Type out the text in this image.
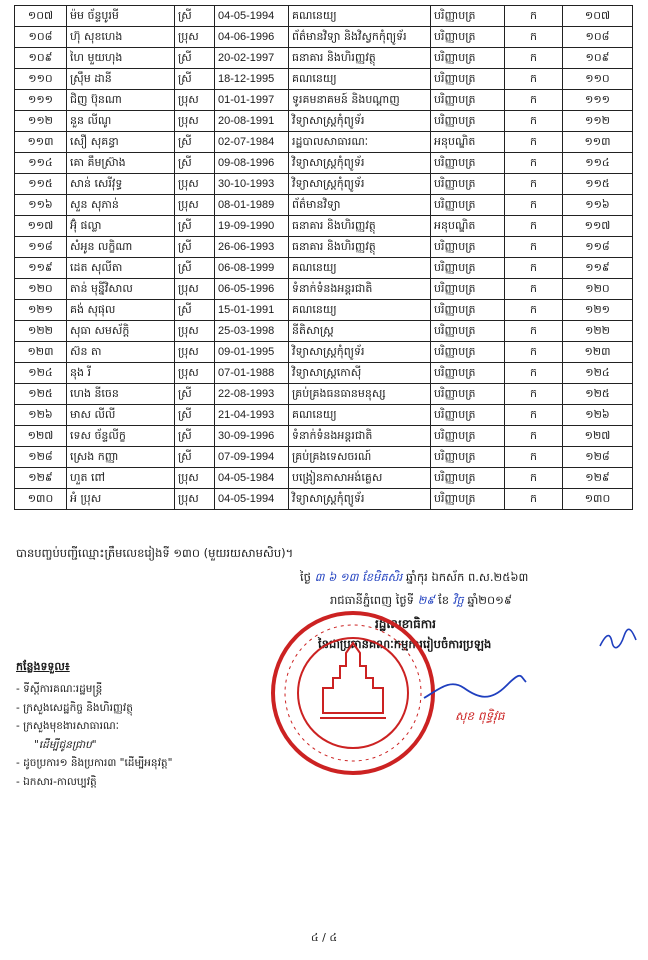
១០៧	ម៉ម ច័ន្ទបូរមី	ស្រី	04-05-1994	គណនេយ្យ	បរិញ្ញាបត្រ	ក	១០៧
១០៨	ហ៊ុ សុខហេង	ប្រុស	04-06-1996	ព័ត៌មានវិទ្យា និងវិស្វកកុំព្យូទ័រ	បរិញ្ញាបត្រ	ក	១០៨
១០៩	ហៃ មួយហុង	ស្រី	20-02-1997	ធនាគារ និងហិរញ្ញវត្ថុ	បរិញ្ញាបត្រ	ក	១០៩
១១០	ស្រ៊ឹម ដានី	ស្រី	18-12-1995	គណនេយ្យ	បរិញ្ញាបត្រ	ក	១១០
១១១	ជិញ ប៊ុនណា	ប្រុស	01-01-1997	ទូរគមនាគមន៍ និងបណ្តាញ	បរិញ្ញាបត្រ	ក	១១១
១១២	នួន លីណូ	ប្រុស	20-08-1991	វិទ្យាសាស្ត្រកុំព្យូទ័រ	បរិញ្ញាបត្រ	ក	១១២
១១៣	សឿ សុគន្ធា	ស្រី	02-07-1984	រដ្ឋបាលសាធារណៈ	អនុបណ្ឌិត	ក	១១៣
១១៤	គោ គឹមស្រ៊ាង	ស្រី	09-08-1996	វិទ្យាសាស្ត្រកុំព្យូទ័រ	បរិញ្ញាបត្រ	ក	១១៤
១១៥	សាន់ សេរីវុទ្ធ	ប្រុស	30-10-1993	វិទ្យាសាស្ត្រកុំព្យូទ័រ	បរិញ្ញាបត្រ	ក	១១៥
១១៦	សួន សុភាន់	ប្រុស	08-01-1989	ព័ត៌មានវិទ្យា	បរិញ្ញាបត្រ	ក	១១៦
១១៧	អ៊ុំ ផល្លា	ស្រី	19-09-1990	ធនាគារ និងហិរញ្ញវត្ថុ	អនុបណ្ឌិត	ក	១១៧
១១៨	សំអូន លក្ខិណា	ស្រី	26-06-1993	ធនាគារ និងហិរញ្ញវត្ថុ	បរិញ្ញាបត្រ	ក	១១៨
១១៩	ដេត សុលីតា	ស្រី	06-08-1999	គណនេយ្យ	បរិញ្ញាបត្រ	ក	១១៩
១២០	តាន់ មុន្នីវិសាល	ប្រុស	06-05-1996	ទំនាក់ទំនងអន្តរជាតិ	បរិញ្ញាបត្រ	ក	១២០
១២១	គង់ សុផុល	ស្រី	15-01-1991	គណនេយ្យ	បរិញ្ញាបត្រ	ក	១២១
១២២	សុធា សមស័ក្តិ	ប្រុស	25-03-1998	នីតិសាស្ត្រ	បរិញ្ញាបត្រ	ក	១២២
១២៣	ស៊ន តា	ប្រុស	09-01-1995	វិទ្យាសាស្ត្រកុំព្យូទ័រ	បរិញ្ញាបត្រ	ក	១២៣
១២៤	នុង រី	ប្រុស	07-01-1988	វិទ្យាសាស្ត្រកោស៊ី	បរិញ្ញាបត្រ	ក	១២៤
១២៥	ហេង នីចេន	ស្រី	22-08-1993	គ្រប់គ្រងធនធានមនុស្ស	បរិញ្ញាបត្រ	ក	១២៥
១២៦	មាស លីលី	ស្រី	21-04-1993	គណនេយ្យ	បរិញ្ញាបត្រ	ក	១២៦
១២៧	ទេស ច័ន្ទលីក្ខ	ស្រី	30-09-1996	ទំនាក់ទំនងអន្តរជាតិ	បរិញ្ញាបត្រ	ក	១២៧
១២៨	ស្រេង កញ្ញា	ស្រី	07-09-1994	គ្រប់គ្រងទេសចរណ៍	បរិញ្ញាបត្រ	ក	១២៨
១២៩	ហួត ពៅ	ប្រុស	04-05-1984	បង្រៀនភាសាអង់គ្លេស	បរិញ្ញាបត្រ	ក	១២៩
១៣០	អំ ប្រុស	ប្រុស	04-05-1994	វិទ្យាសាស្ត្រកុំព្យូទ័រ	បរិញ្ញាបត្រ	ក	១៣០
បានបញ្ចប់បញ្ជីឈ្មោះត្រឹមលេខរៀងទី ១៣០ (មួយរយសាមសិប)។
ថ្ងៃ ៣ ៦ ១៣ ខែមិគសិរ ឆ្នាំកុរ ឯកស័ក ព.ស.២៥៦៣
រាជធានីភ្នំពេញ ថ្ងៃទី ២៩ ខែ វិច្ឆ ឆ្នាំ២០១៩
រដ្ឋលេខាធិការ
នៃជាប្រធានគណៈកម្មការរៀបចំការប្រឡង
សុខ ពុទ្ធិវុធ
កន្លែងទទួល៖
- ទីស្តីការគណៈរដ្ឋមន្ត្រី
- ក្រសួងសេដ្ឋកិច្ច និងហិរញ្ញវត្ថុ
- ក្រសួងមុខងារសាធារណៈ
"ដើម្បីជូនជ្រាប"
- ដូចប្រការ១ និងប្រការ៣ "ដើម្បីអនុវត្ត"
- ឯកសារ-កាលប្បវត្តិ
៤ / ៤
